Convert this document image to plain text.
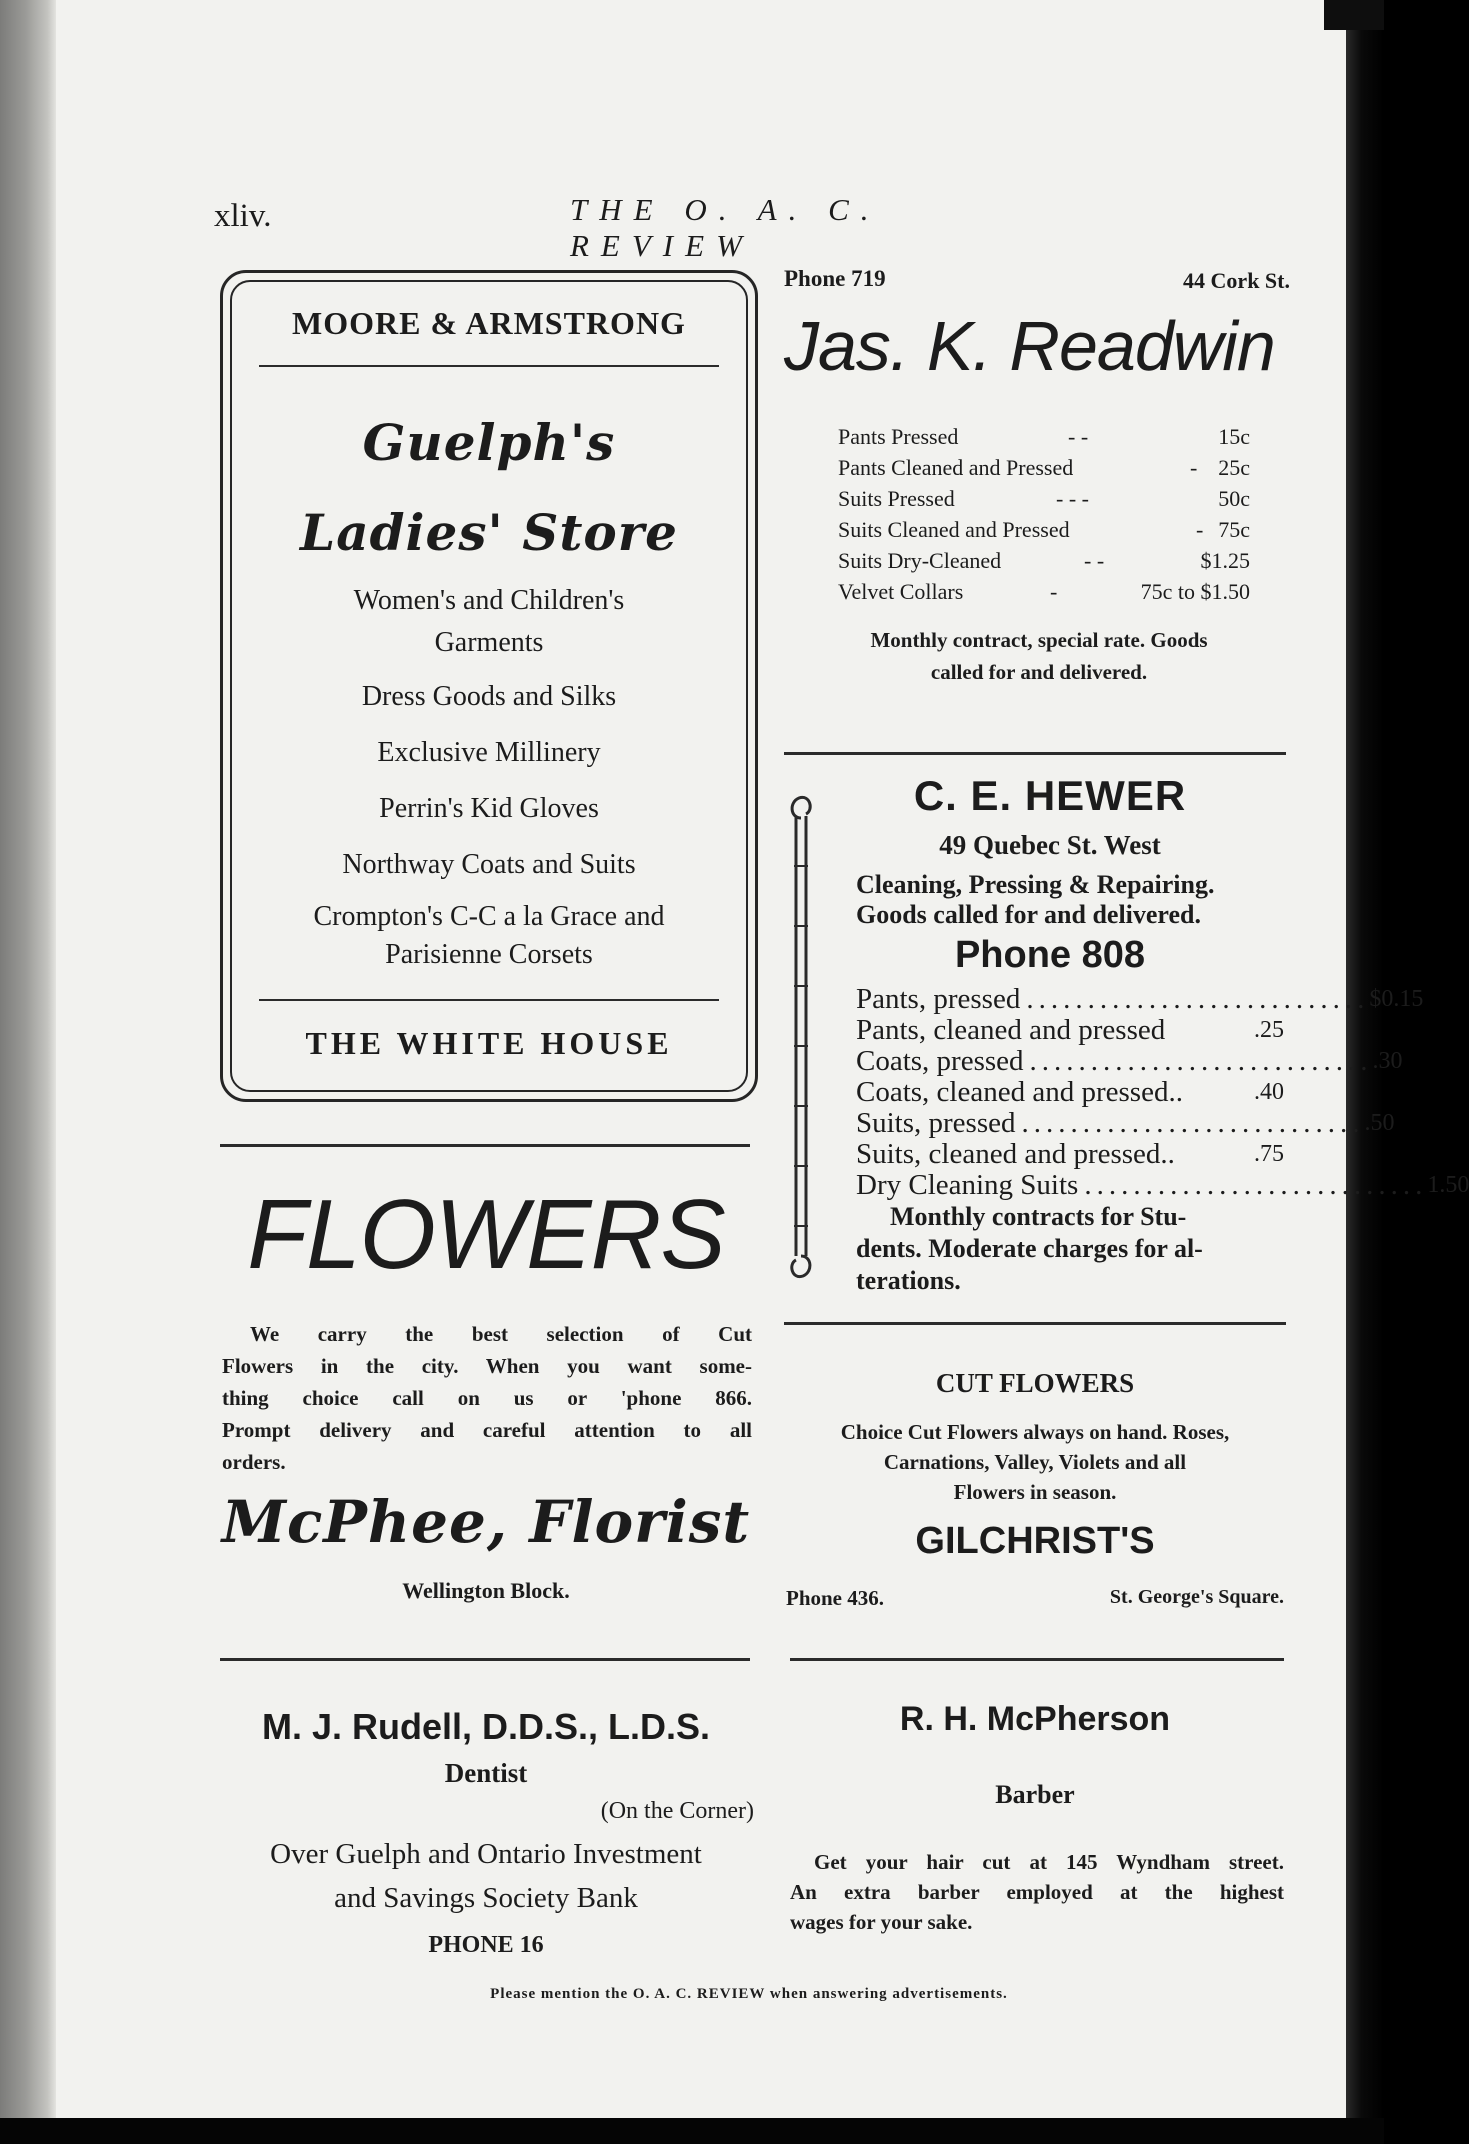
xliv.	THE O. A. C. REVIEW
MOORE & ARMSTRONG
Guelph's
Ladies' Store
Women's and Children's
Garments
Dress Goods and Silks
Exclusive Millinery
Perrin's Kid Gloves
Northway Coats and Suits
Crompton's C-C a la Grace and
Parisienne Corsets
THE WHITE HOUSE
Phone 719	44 Cork St.
Jas. K. Readwin
Pants Pressed	- -	15c
Pants Cleaned and Pressed	- 25c
Suits Pressed	- - -	50c
Suits Cleaned and Pressed	- 75c
Suits Dry-Cleaned	- -	$1.25
Velvet Collars	-	75c to $1.50
Monthly contract, special rate. Goods
called for and delivered.
C. E. HEWER
49 Quebec St. West
Cleaning, Pressing & Repairing.
Goods called for and delivered.
Phone 808
Pants, pressed ............................ $0.15
Pants, cleaned and pressed	.25
Coats, pressed ............................ .30
Coats, cleaned and pressed..	.40
Suits, pressed ............................ .50
Suits, cleaned and pressed..	.75
Dry Cleaning Suits ............................ 1.50
Monthly contracts for Stu-
dents. Moderate charges for al-
terations.
FLOWERS
We carry the best selection of Cut
Flowers in the city. When you want some-
thing choice call on us or 'phone 866.
Prompt delivery and careful attention to all
orders.
McPhee, Florist
Wellington Block.
CUT FLOWERS
Choice Cut Flowers always on hand. Roses,
Carnations, Valley, Violets and all
Flowers in season.
GILCHRIST'S
Phone 436.	St. George's Square.
M. J. Rudell, D.D.S., L.D.S.
Dentist
(On the Corner)
Over Guelph and Ontario Investment
and Savings Society Bank
PHONE 16
R. H. McPherson
Barber
Get your hair cut at 145 Wyndham street.
An extra barber employed at the highest
wages for your sake.
Please mention the O. A. C. REVIEW when answering advertisements.
